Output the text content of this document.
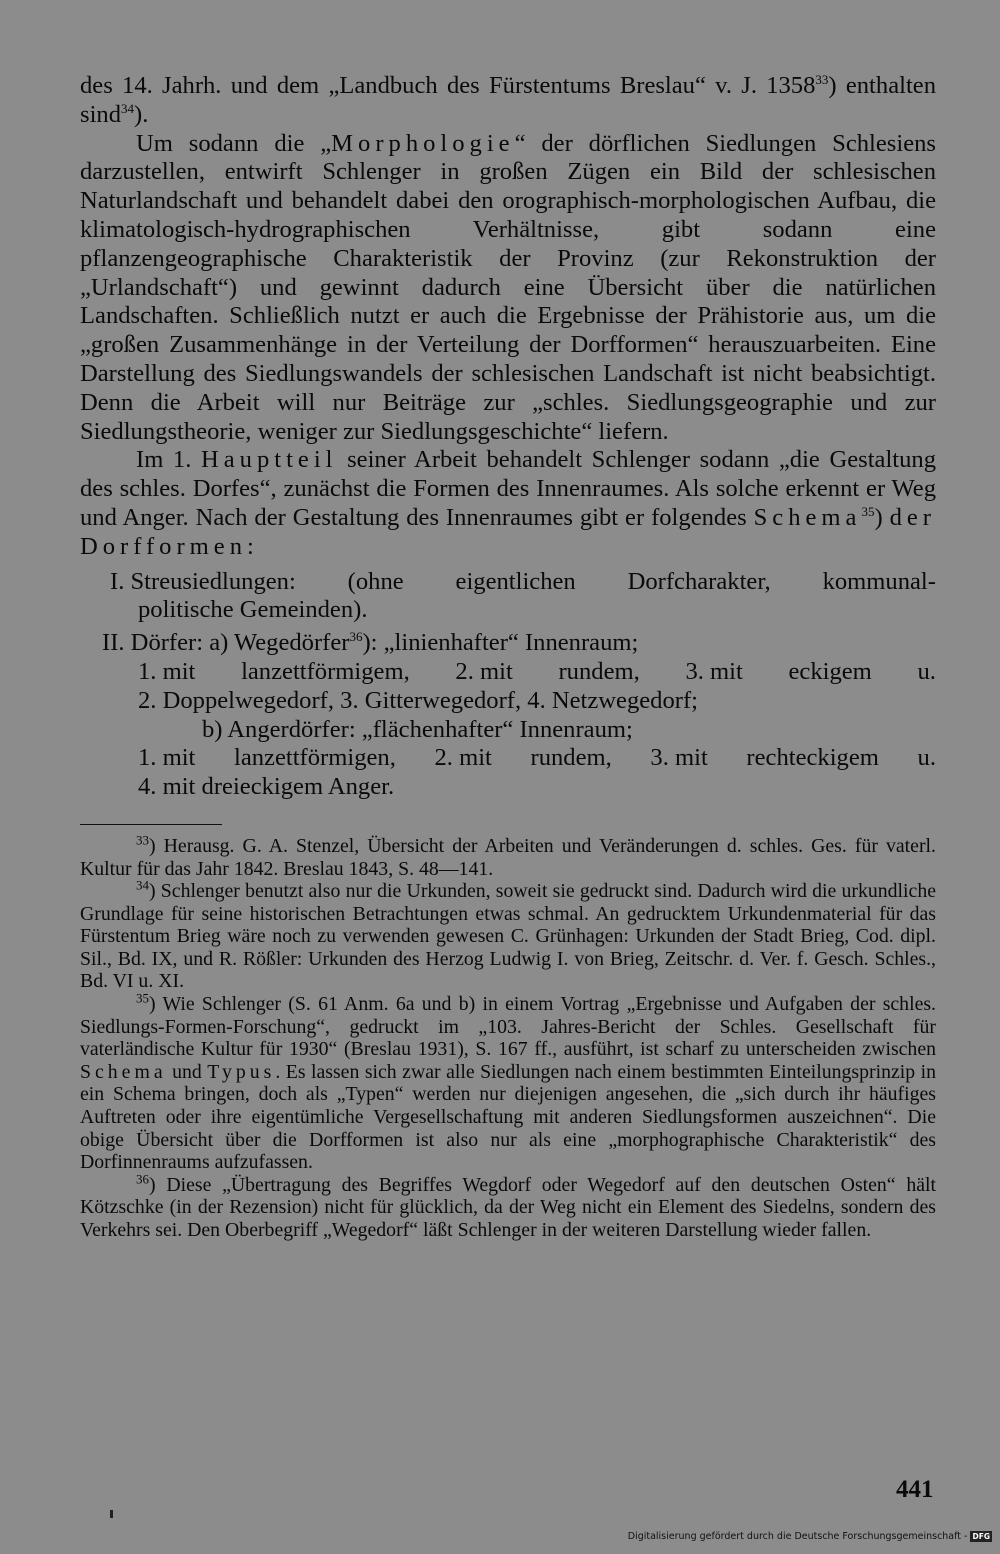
des 14. Jahrh. und dem „Landbuch des Fürstentums Breslau“ v. J. 1358$^{33}$) enthalten sind$^{34}$).

Um sodann die „Morphologie“ der dörflichen Siedlungen Schlesiens darzustellen, entwirft Schlenger in großen Zügen ein Bild der schlesischen Naturlandschaft und behandelt dabei den orographisch-morphologischen Aufbau, die klimatologisch-hydrographischen Verhältnisse, gibt sodann eine pflanzengeographische Charakteristik der Provinz (zur Rekonstruktion der „Urlandschaft“) und gewinnt dadurch eine Übersicht über die natürlichen Landschaften. Schließlich nutzt er auch die Ergebnisse der Prähistorie aus, um die „großen Zusammenhänge in der Verteilung der Dorfformen“ herauszuarbeiten. Eine Darstellung des Siedlungswandels der schlesischen Landschaft ist nicht beabsichtigt. Denn die Arbeit will nur Beiträge zur „schles. Siedlungsgeographie und zur Siedlungstheorie, weniger zur Siedlungsgeschichte“ liefern.

Im 1. Hauptteil seiner Arbeit behandelt Schlenger sodann „die Gestaltung des schles. Dorfes“, zunächst die Formen des Innenraumes. Als solche erkennt er Weg und Anger. Nach der Gestaltung des Innenraumes gibt er folgendes Schema$^{35}$) der Dorfformen:

I. Streusiedlungen: (ohne eigentlichen Dorfcharakter, kommunal-
politische Gemeinden).
II. Dörfer: a) Wegedörfer$^{36}$): „linienhafter“ Innenraum;
1. mit lanzettförmigem, 2. mit rundem, 3. mit eckigem u.
2. Doppelwegedorf, 3. Gitterwegedorf, 4. Netzwegedorf;
b) Angerdörfer: „flächenhafter“ Innenraum;
1. mit lanzettförmigen, 2. mit rundem, 3. mit rechteckigem u.
4. mit dreieckigem Anger.

$^{33}$) Herausg. G. A. Stenzel, Übersicht der Arbeiten und Veränderungen d. schles. Ges. für vaterl. Kultur für das Jahr 1842. Breslau 1843, S. 48—141.

$^{34}$) Schlenger benutzt also nur die Urkunden, soweit sie gedruckt sind. Dadurch wird die urkundliche Grundlage für seine historischen Betrachtungen etwas schmal. An gedrucktem Urkundenmaterial für das Fürstentum Brieg wäre noch zu verwenden gewesen C. Grünhagen: Urkunden der Stadt Brieg, Cod. dipl. Sil., Bd. IX, und R. Rößler: Urkunden des Herzog Ludwig I. von Brieg, Zeitschr. d. Ver. f. Gesch. Schles., Bd. VI u. XI.

$^{35}$) Wie Schlenger (S. 61 Anm. 6a und b) in einem Vortrag „Ergebnisse und Aufgaben der schles. Siedlungs-Formen-Forschung“, gedruckt im „103. Jahres-Bericht der Schles. Gesellschaft für vaterländische Kultur für 1930“ (Breslau 1931), S. 167 ff., ausführt, ist scharf zu unterscheiden zwischen Schema und Typus. Es lassen sich zwar alle Siedlungen nach einem bestimmten Einteilungsprinzip in ein Schema bringen, doch als „Typen“ werden nur diejenigen angesehen, die „sich durch ihr häufiges Auftreten oder ihre eigentümliche Vergesellschaftung mit anderen Siedlungsformen auszeichnen“. Die obige Übersicht über die Dorfformen ist also nur als eine „morphographische Charakteristik“ des Dorfinnenraums aufzufassen.

$^{36}$) Diese „Übertragung des Begriffes Wegdorf oder Wegedorf auf den deutschen Osten“ hält Kötzschke (in der Rezension) nicht für glücklich, da der Weg nicht ein Element des Siedelns, sondern des Verkehrs sei. Den Oberbegriff „Wegedorf“ läßt Schlenger in der weiteren Darstellung wieder fallen.

441
Digitalisierung gefördert durch die Deutsche Forschungsgemeinschaft - DFG
